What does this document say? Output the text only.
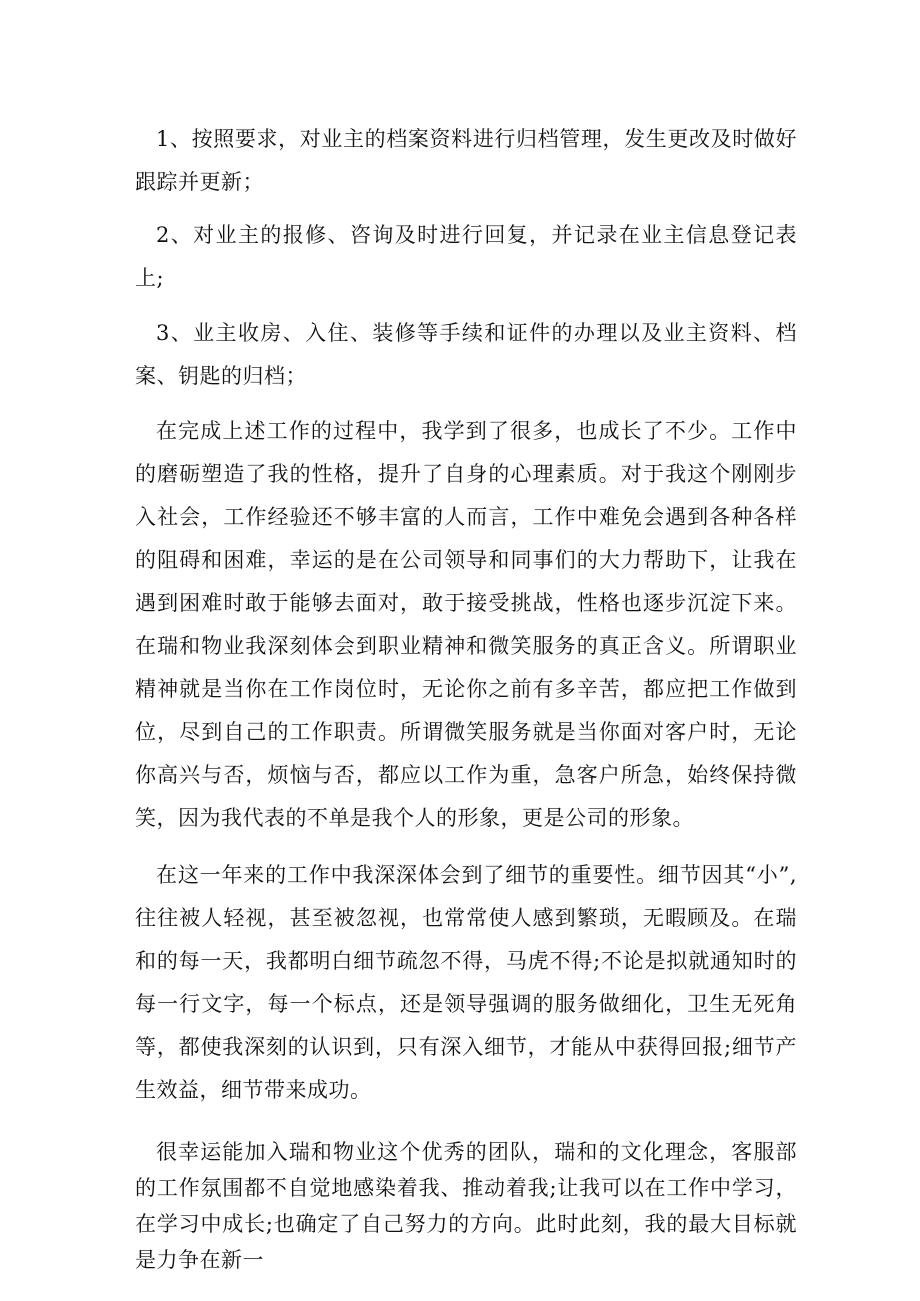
1、按照要求，对业主的档案资料进行归档管理，发生更改及时做好跟踪并更新；

2、对业主的报修、咨询及时进行回复，并记录在业主信息登记表上;

3、业主收房、入住、装修等手续和证件的办理以及业主资料、档案、钥匙的归档；

在完成上述工作的过程中，我学到了很多，也成长了不少。工作中的磨砺塑造了我的性格，提升了自身的心理素质。对于我这个刚刚步入社会，工作经验还不够丰富的人而言，工作中难免会遇到各种各样的阻碍和困难，幸运的是在公司领导和同事们的大力帮助下，让我在遇到困难时敢于能够去面对，敢于接受挑战，性格也逐步沉淀下来。在瑞和物业我深刻体会到职业精神和微笑服务的真正含义。所谓职业精神就是当你在工作岗位时，无论你之前有多辛苦，都应把工作做到位，尽到自己的工作职责。所谓微笑服务就是当你面对客户时，无论你高兴与否，烦恼与否，都应以工作为重，急客户所急，始终保持微笑，因为我代表的不单是我个人的形象，更是公司的形象。

在这一年来的工作中我深深体会到了细节的重要性。细节因其“小”,往往被人轻视，甚至被忽视，也常常使人感到繁琐，无暇顾及。在瑞和的每一天，我都明白细节疏忽不得，马虎不得;不论是拟就通知时的每一行文字，每一个标点，还是领导强调的服务做细化，卫生无死角等，都使我深刻的认识到，只有深入细节，才能从中获得回报;细节产生效益，细节带来成功。

很幸运能加入瑞和物业这个优秀的团队，瑞和的文化理念，客服部的工作氛围都不自觉地感染着我、推动着我;让我可以在工作中学习，在学习中成长;也确定了自己努力的方向。此时此刻，我的最大目标就是力争在新一
